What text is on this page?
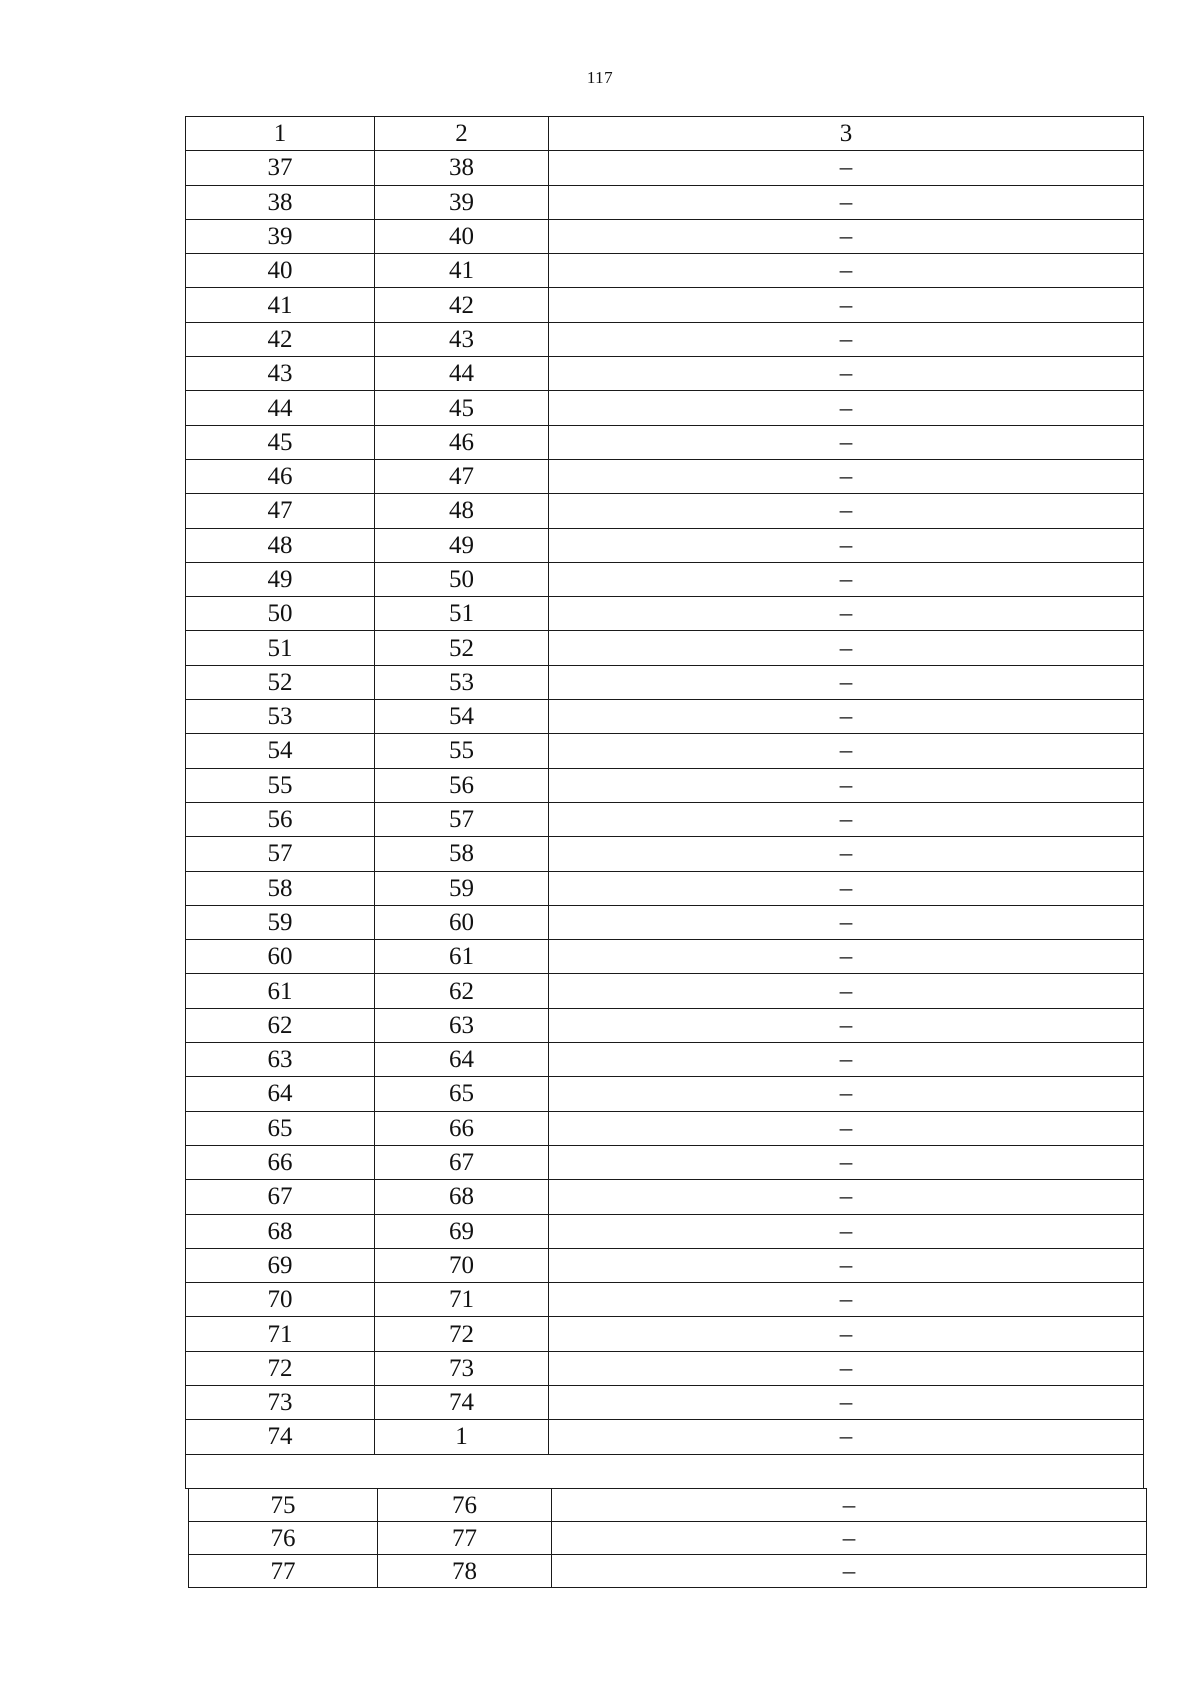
117
1	2	3
37	38	–
38	39	–
39	40	–
40	41	–
41	42	–
42	43	–
43	44	–
44	45	–
45	46	–
46	47	–
47	48	–
48	49	–
49	50	–
50	51	–
51	52	–
52	53	–
53	54	–
54	55	–
55	56	–
56	57	–
57	58	–
58	59	–
59	60	–
60	61	–
61	62	–
62	63	–
63	64	–
64	65	–
65	66	–
66	67	–
67	68	–
68	69	–
69	70	–
70	71	–
71	72	–
72	73	–
73	74	–
74	1	–

75	76	–
76	77	–
77	78	–
